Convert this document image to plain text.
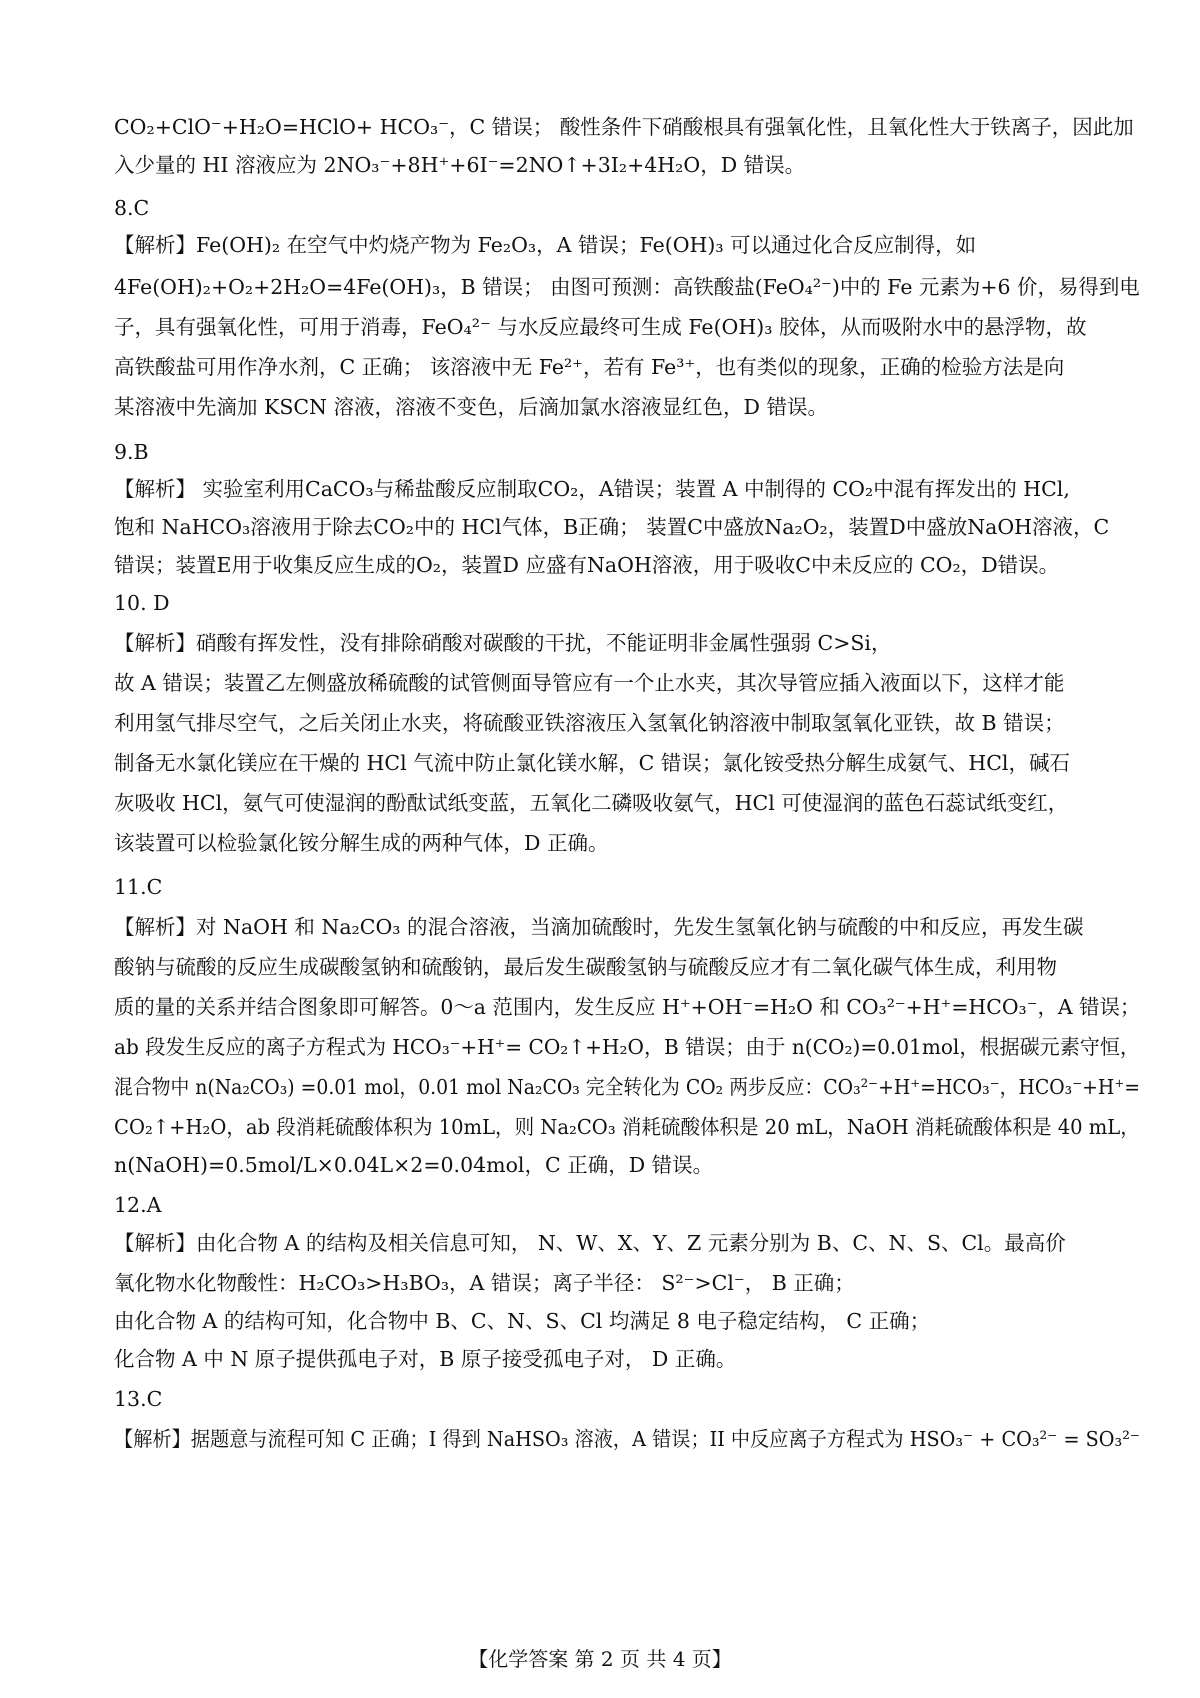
CO₂+ClO⁻+H₂O=HClO+ HCO₃⁻，C 错误； 酸性条件下硝酸根具有强氧化性，且氧化性大于铁离子，因此加
入少量的 HI 溶液应为 2NO₃⁻+8H⁺+6I⁻=2NO↑+3I₂+4H₂O，D 错误。
8.C
【解析】Fe(OH)₂ 在空气中灼烧产物为 Fe₂O₃，A 错误；Fe(OH)₃ 可以通过化合反应制得，如
4Fe(OH)₂+O₂+2H₂O=4Fe(OH)₃，B 错误； 由图可预测：高铁酸盐(FeO₄²⁻)中的 Fe 元素为+6 价，易得到电
子，具有强氧化性，可用于消毒，FeO₄²⁻ 与水反应最终可生成 Fe(OH)₃ 胶体，从而吸附水中的悬浮物，故
高铁酸盐可用作净水剂，C 正确； 该溶液中无 Fe²⁺，若有 Fe³⁺，也有类似的现象，正确的检验方法是向
某溶液中先滴加 KSCN 溶液，溶液不变色，后滴加氯水溶液显红色，D 错误。
9.B
【解析】 实验室利用CaCO₃与稀盐酸反应制取CO₂，A错误；装置 A 中制得的 CO₂中混有挥发出的 HCl,
饱和 NaHCO₃溶液用于除去CO₂中的 HCl气体，B正确； 装置C中盛放Na₂O₂，装置D中盛放NaOH溶液，C
错误；装置E用于收集反应生成的O₂，装置D 应盛有NaOH溶液，用于吸收C中未反应的 CO₂，D错误。
10. D
【解析】硝酸有挥发性，没有排除硝酸对碳酸的干扰，不能证明非金属性强弱 C>Si，
故 A 错误；装置乙左侧盛放稀硫酸的试管侧面导管应有一个止水夹，其次导管应插入液面以下，这样才能
利用氢气排尽空气，之后关闭止水夹，将硫酸亚铁溶液压入氢氧化钠溶液中制取氢氧化亚铁，故 B 错误；
制备无水氯化镁应在干燥的 HCl 气流中防止氯化镁水解，C 错误；氯化铵受热分解生成氨气、HCl，碱石
灰吸收 HCl，氨气可使湿润的酚酞试纸变蓝，五氧化二磷吸收氨气，HCl 可使湿润的蓝色石蕊试纸变红，
该装置可以检验氯化铵分解生成的两种气体，D 正确。
11.C
【解析】对 NaOH 和 Na₂CO₃ 的混合溶液，当滴加硫酸时，先发生氢氧化钠与硫酸的中和反应，再发生碳
酸钠与硫酸的反应生成碳酸氢钠和硫酸钠，最后发生碳酸氢钠与硫酸反应才有二氧化碳气体生成，利用物
质的量的关系并结合图象即可解答。0～a 范围内，发生反应 H⁺+OH⁻=H₂O 和 CO₃²⁻+H⁺=HCO₃⁻，A 错误；
ab 段发生反应的离子方程式为 HCO₃⁻+H⁺= CO₂↑+H₂O，B 错误；由于 n(CO₂)=0.01mol，根据碳元素守恒，
混合物中 n(Na₂CO₃) =0.01 mol，0.01 mol Na₂CO₃ 完全转化为 CO₂ 两步反应：CO₃²⁻+H⁺=HCO₃⁻，HCO₃⁻+H⁺=
CO₂↑+H₂O，ab 段消耗硫酸体积为 10mL，则 Na₂CO₃ 消耗硫酸体积是 20 mL，NaOH 消耗硫酸体积是 40 mL，
n(NaOH)=0.5mol/L×0.04L×2=0.04mol，C 正确，D 错误。
12.A
【解析】由化合物 A 的结构及相关信息可知， N、W、X、Y、Z 元素分别为 B、C、N、S、Cl。最高价
氧化物水化物酸性：H₂CO₃>H₃BO₃，A 错误；离子半径： S²⁻>Cl⁻， B 正确；
由化合物 A 的结构可知，化合物中 B、C、N、S、Cl 均满足 8 电子稳定结构， C 正确；
化合物 A 中 N 原子提供孤电子对，B 原子接受孤电子对， D 正确。
13.C
【解析】据题意与流程可知 C 正确；I 得到 NaHSO₃ 溶液，A 错误；II 中反应离子方程式为 HSO₃⁻ + CO₃²⁻ = SO₃²⁻
【化学答案 第 2 页 共 4 页】
